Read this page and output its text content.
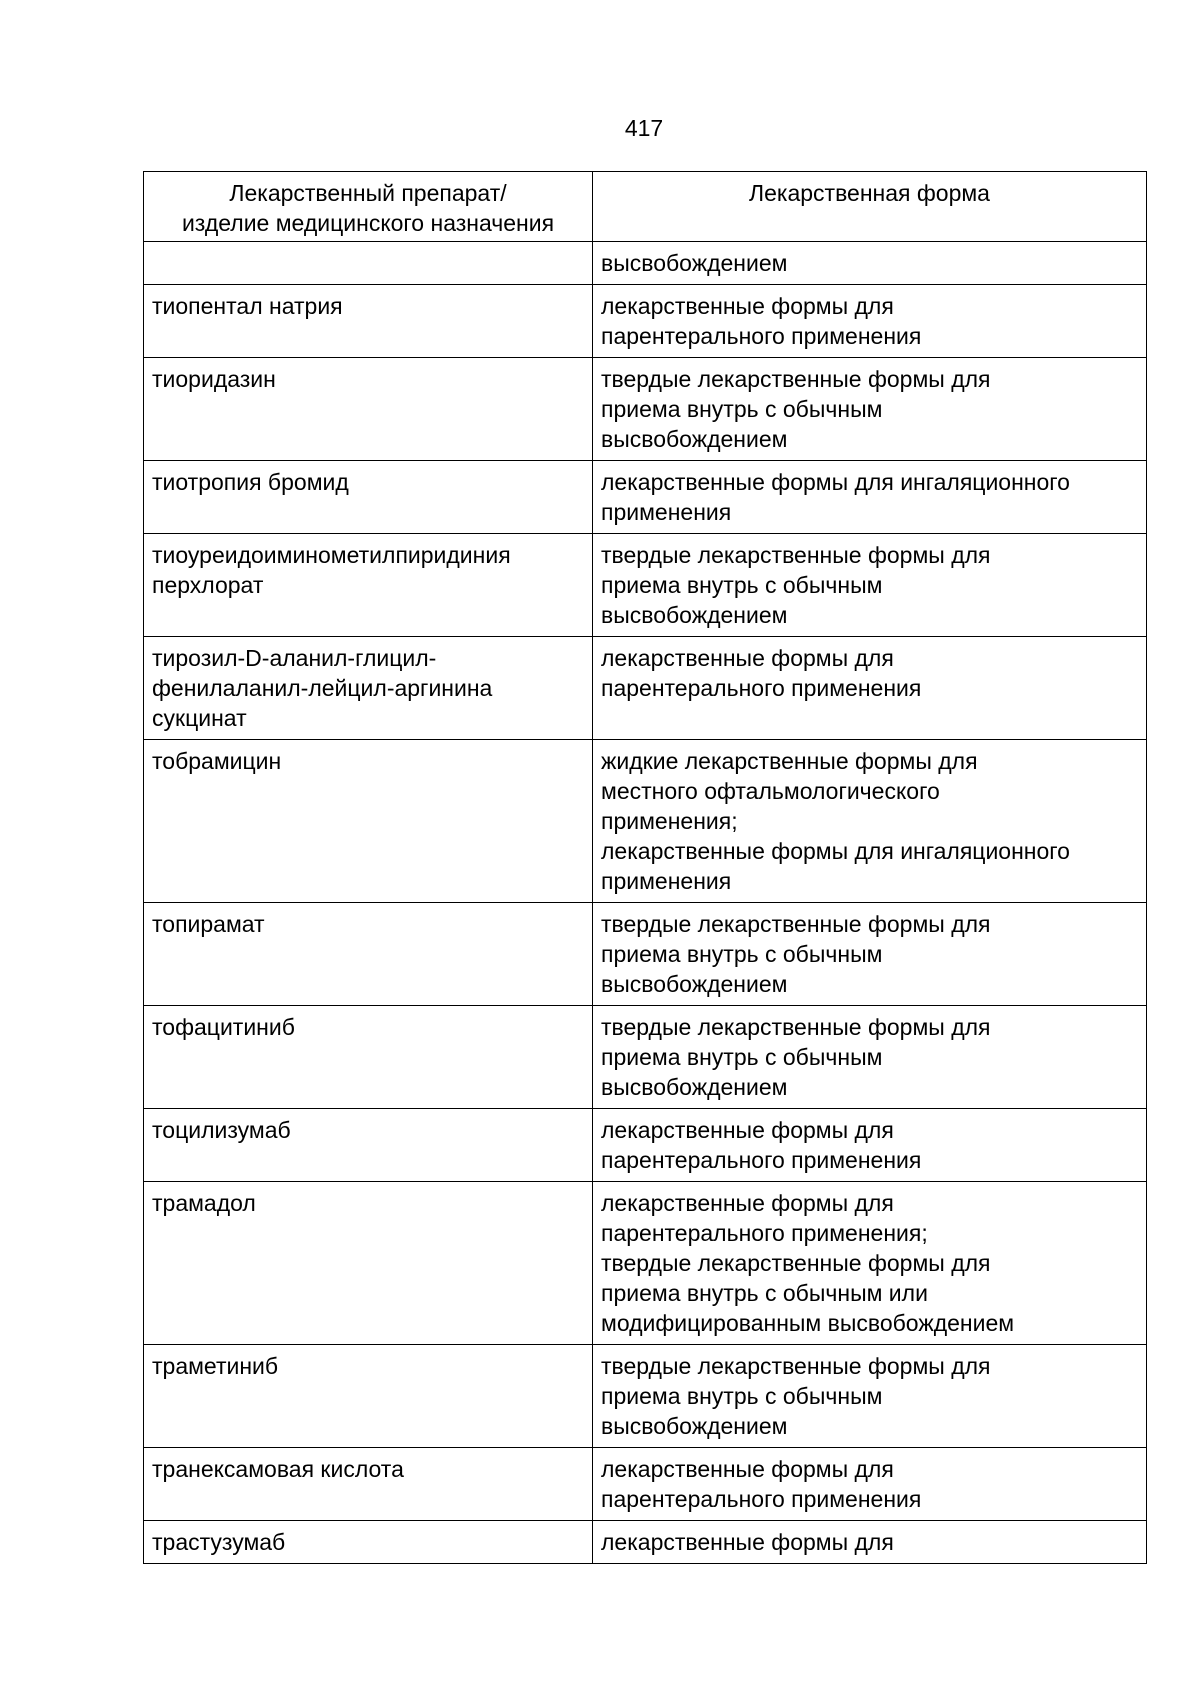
417
Лекарственный препарат/
изделие медицинского назначения	Лекарственная форма
	высвобождением
тиопентал натрия	лекарственные формы для
парентерального применения
тиоридазин	твердые лекарственные формы для
приема внутрь с обычным
высвобождением
тиотропия бромид	лекарственные формы для ингаляционного
применения
тиоуреидоиминометилпиридиния
перхлорат	твердые лекарственные формы для
приема внутрь с обычным
высвобождением
тирозил-D-аланил-глицил-
фенилаланил-лейцил-аргинина
сукцинат	лекарственные формы для
парентерального применения
тобрамицин	жидкие лекарственные формы для
местного офтальмологического
применения;
лекарственные формы для ингаляционного
применения
топирамат	твердые лекарственные формы для
приема внутрь с обычным
высвобождением
тофацитиниб	твердые лекарственные формы для
приема внутрь с обычным
высвобождением
тоцилизумаб	лекарственные формы для
парентерального применения
трамадол	лекарственные формы для
парентерального применения;
твердые лекарственные формы для
приема внутрь с обычным или
модифицированным высвобождением
траметиниб	твердые лекарственные формы для
приема внутрь с обычным
высвобождением
транексамовая кислота	лекарственные формы для
парентерального применения
трастузумаб	лекарственные формы для
